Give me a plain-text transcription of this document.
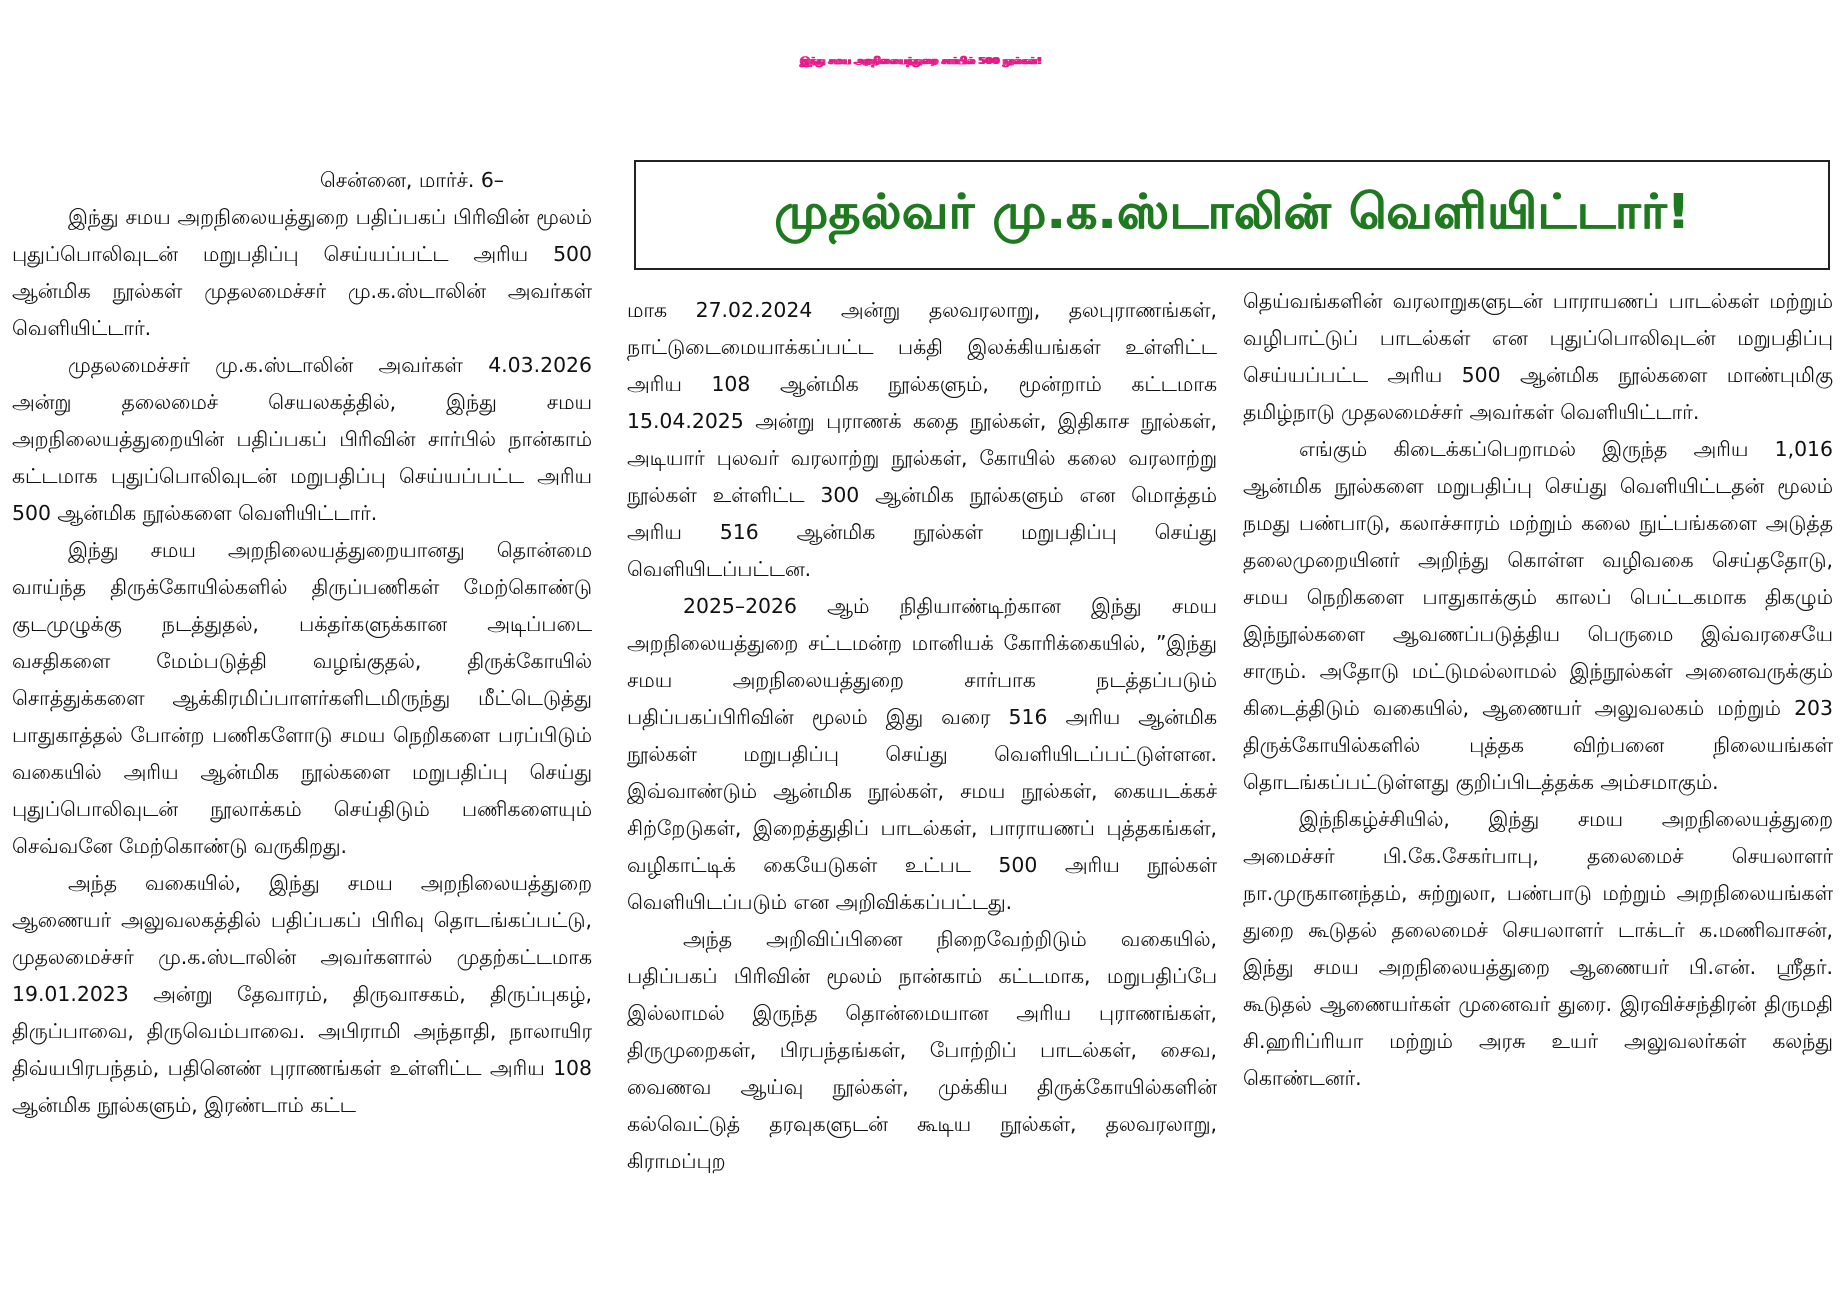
இந்து சமய அறநிலையத்துறை சார்பில் 500 நூல்கள்!
முதல்வர் மு.க.ஸ்டாலின் வெளியிட்டார்!

சென்னை, மார்ச். 6–

இந்து சமய அறநிலையத்துறை பதிப்பகப் பிரிவின் மூலம் புதுப்பொலிவுடன் மறுபதிப்பு செய்யப்பட்ட அரிய 500 ஆன்மிக நூல்கள் முதலமைச்சர் மு.க.ஸ்டாலின் அவர்கள் வெளியிட்டார்.

முதலமைச்சர் மு.க.ஸ்டாலின் அவர்கள் 4.03.2026 அன்று தலைமைச் செயலகத்தில், இந்து சமய அறநிலையத்துறையின் பதிப்பகப் பிரிவின் சார்பில் நான்காம் கட்டமாக புதுப்பொலிவுடன் மறுபதிப்பு செய்யப்பட்ட அரிய 500 ஆன்மிக நூல்களை வெளியிட்டார்.

இந்து சமய அறநிலையத்துறையானது தொன்மை வாய்ந்த திருக்கோயில்களில் திருப்பணிகள் மேற்கொண்டு குடமுழுக்கு நடத்துதல், பக்தர்களுக்கான அடிப்படை வசதிகளை மேம்படுத்தி வழங்குதல், திருக்கோயில் சொத்துக்களை ஆக்கிரமிப்பாளர்களிடமிருந்து மீட்டெடுத்து பாதுகாத்தல் போன்ற பணிகளோடு சமய நெறிகளை பரப்பிடும் வகையில் அரிய ஆன்மிக நூல்களை மறுபதிப்பு செய்து புதுப்பொலிவுடன் நூலாக்கம் செய்திடும் பணிகளையும் செவ்வனே மேற்கொண்டு வருகிறது.

அந்த வகையில், இந்து சமய அறநிலையத்துறை ஆணையர் அலுவலகத்தில் பதிப்பகப் பிரிவு தொடங்கப்பட்டு, முதலமைச்சர் மு.க.ஸ்டாலின் அவர்களால் முதற்கட்டமாக 19.01.2023 அன்று தேவாரம், திருவாசகம், திருப்புகழ், திருப்பாவை, திருவெம்பாவை. அபிராமி அந்தாதி, நாலாயிர திவ்யபிரபந்தம், பதினெண் புராணங்கள் உள்ளிட்ட அரிய 108 ஆன்மிக நூல்களும், இரண்டாம் கட்ட

மாக 27.02.2024 அன்று தலவரலாறு, தலபுராணங்கள், நாட்டுடைமையாக்கப்பட்ட பக்தி இலக்கியங்கள் உள்ளிட்ட அரிய 108 ஆன்மிக நூல்களும், மூன்றாம் கட்டமாக 15.04.2025 அன்று புராணக் கதை நூல்கள், இதிகாச நூல்கள், அடியார் புலவர் வரலாற்று நூல்கள், கோயில் கலை வரலாற்று நூல்கள் உள்ளிட்ட 300 ஆன்மிக நூல்களும் என மொத்தம் அரிய 516 ஆன்மிக நூல்கள் மறுபதிப்பு செய்து வெளியிடப்பட்டன.

2025–2026 ஆம் நிதியாண்டிற்கான இந்து சமய அறநிலையத்துறை சட்டமன்ற மானியக் கோரிக்கையில், ”இந்து சமய அறநிலையத்துறை சார்பாக நடத்தப்படும் பதிப்பகப்பிரிவின் மூலம் இது வரை 516 அரிய ஆன்மிக நூல்கள் மறுபதிப்பு செய்து வெளியிடப்பட்டுள்ளன. இவ்வாண்டும் ஆன்மிக நூல்கள், சமய நூல்கள், கையடக்கச் சிற்றேடுகள், இறைத்துதிப் பாடல்கள், பாராயணப் புத்தகங்கள், வழிகாட்டிக் கையேடுகள் உட்பட 500 அரிய நூல்கள் வெளியிடப்படும் என அறிவிக்கப்பட்டது.

அந்த அறிவிப்பினை நிறைவேற்றிடும் வகையில், பதிப்பகப் பிரிவின் மூலம் நான்காம் கட்டமாக, மறுபதிப்பே இல்லாமல் இருந்த தொன்மையான அரிய புராணங்கள், திருமுறைகள், பிரபந்தங்கள், போற்றிப் பாடல்கள், சைவ, வைணவ ஆய்வு நூல்கள், முக்கிய திருக்கோயில்களின் கல்வெட்டுத் தரவுகளுடன் கூடிய நூல்கள், தலவரலாறு, கிராமப்புற

தெய்வங்களின் வரலாறுகளுடன் பாராயணப் பாடல்கள் மற்றும் வழிபாட்டுப் பாடல்கள் என புதுப்பொலிவுடன் மறுபதிப்பு செய்யப்பட்ட அரிய 500 ஆன்மிக நூல்களை மாண்புமிகு தமிழ்நாடு முதலமைச்சர் அவர்கள் வெளியிட்டார்.

எங்கும் கிடைக்கப்பெறாமல் இருந்த அரிய 1,016 ஆன்மிக நூல்களை மறுபதிப்பு செய்து வெளியிட்டதன் மூலம் நமது பண்பாடு, கலாச்சாரம் மற்றும் கலை நுட்பங்களை அடுத்த தலைமுறையினர் அறிந்து கொள்ள வழிவகை செய்ததோடு, சமய நெறிகளை பாதுகாக்கும் காலப் பெட்டகமாக திகழும் இந்நூல்களை ஆவணப்படுத்திய பெருமை இவ்வரசையே சாரும். அதோடு மட்டுமல்லாமல் இந்நூல்கள் அனைவருக்கும் கிடைத்திடும் வகையில், ஆணையர் அலுவலகம் மற்றும் 203 திருக்கோயில்களில் புத்தக விற்பனை நிலையங்கள் தொடங்கப்பட்டுள்ளது குறிப்பிடத்தக்க அம்சமாகும்.

இந்நிகழ்ச்சியில், இந்து சமய அறநிலையத்துறை அமைச்சர் பி.கே.சேகர்பாபு, தலைமைச் செயலாளர் நா.முருகானந்தம், சுற்றுலா, பண்பாடு மற்றும் அறநிலையங்கள் துறை கூடுதல் தலைமைச் செயலாளர் டாக்டர் க.மணிவாசன், இந்து சமய அறநிலையத்துறை ஆணையர் பி.என். ஸ்ரீதர். கூடுதல் ஆணையர்கள் முனைவர் துரை. இரவிச்சந்திரன் திருமதி சி.ஹரிப்ரியா மற்றும் அரசு உயர் அலுவலர்கள் கலந்து கொண்டனர்.
